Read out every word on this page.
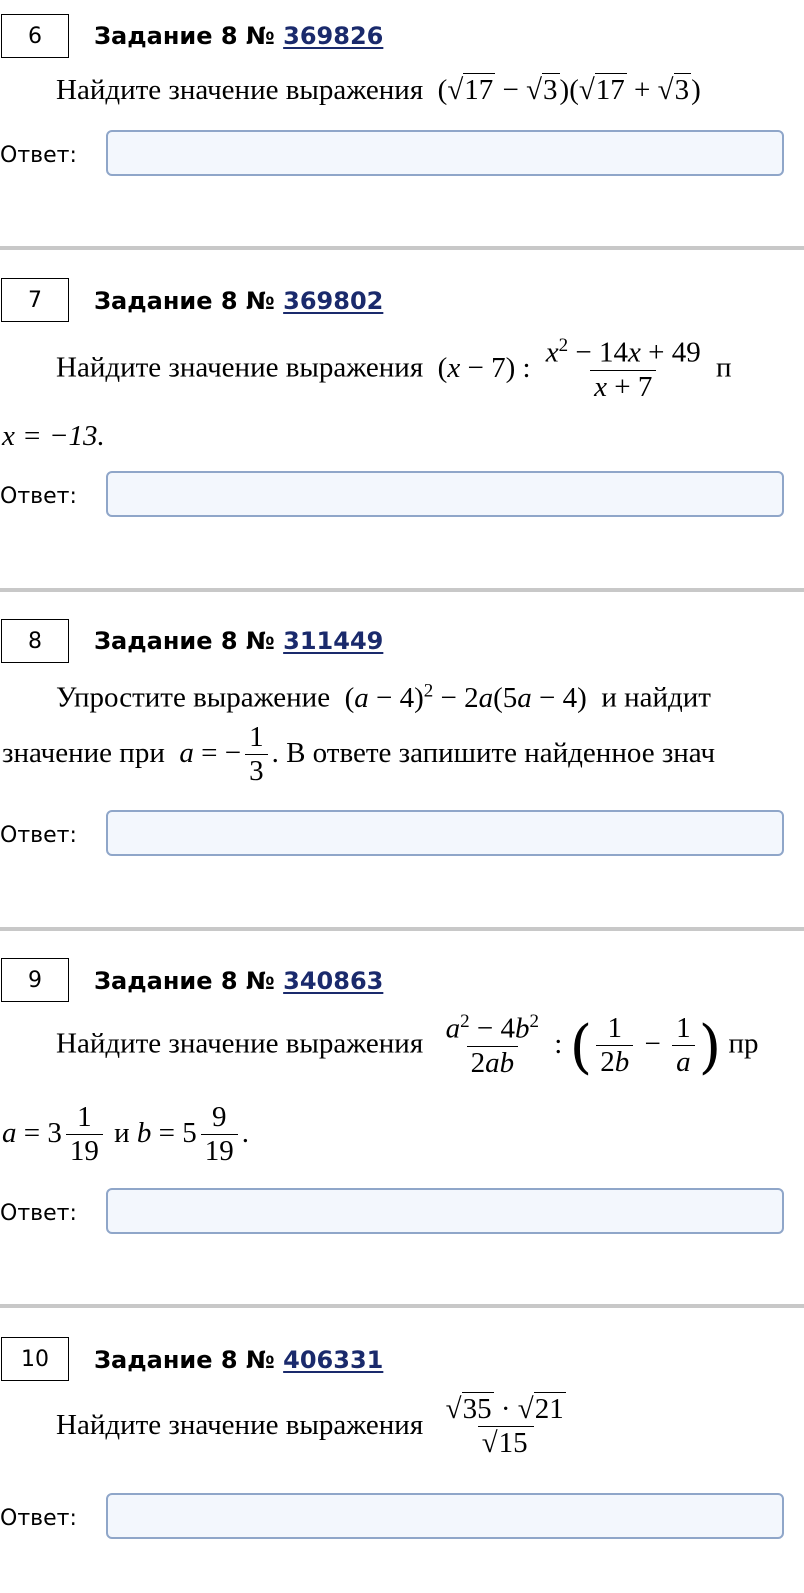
6	Задание 8 № 369826
Найдите значение выражения  (√17 − √3)(√17 + √3)
Ответ:
7	Задание 8 № 369802
Найдите значение выражения  (x − 7) : $\frac{x^2 - 14x + 49}{x + 7}$ п
x = −13.
Ответ:
8	Задание 8 № 311449
Упростите выражение  $(a - 4)^2 - 2a(5a - 4)$  и найдит
значение при a = − $\frac{1}{3}$ . В ответе запишите найденное знач
Ответ:
9	Задание 8 № 340863
Найдите значение выражения $\frac{a^2 - 4b^2}{2ab}$ : ( $\frac{1}{2b} - \frac{1}{a}$ ) пр
$a = 3 \frac{1}{19}$ и $b = 5 \frac{9}{19}$ .
Ответ:
10	Задание 8 № 406331
Найдите значение выражения $\frac{√35 \cdot √21}{√15}$
Ответ:
